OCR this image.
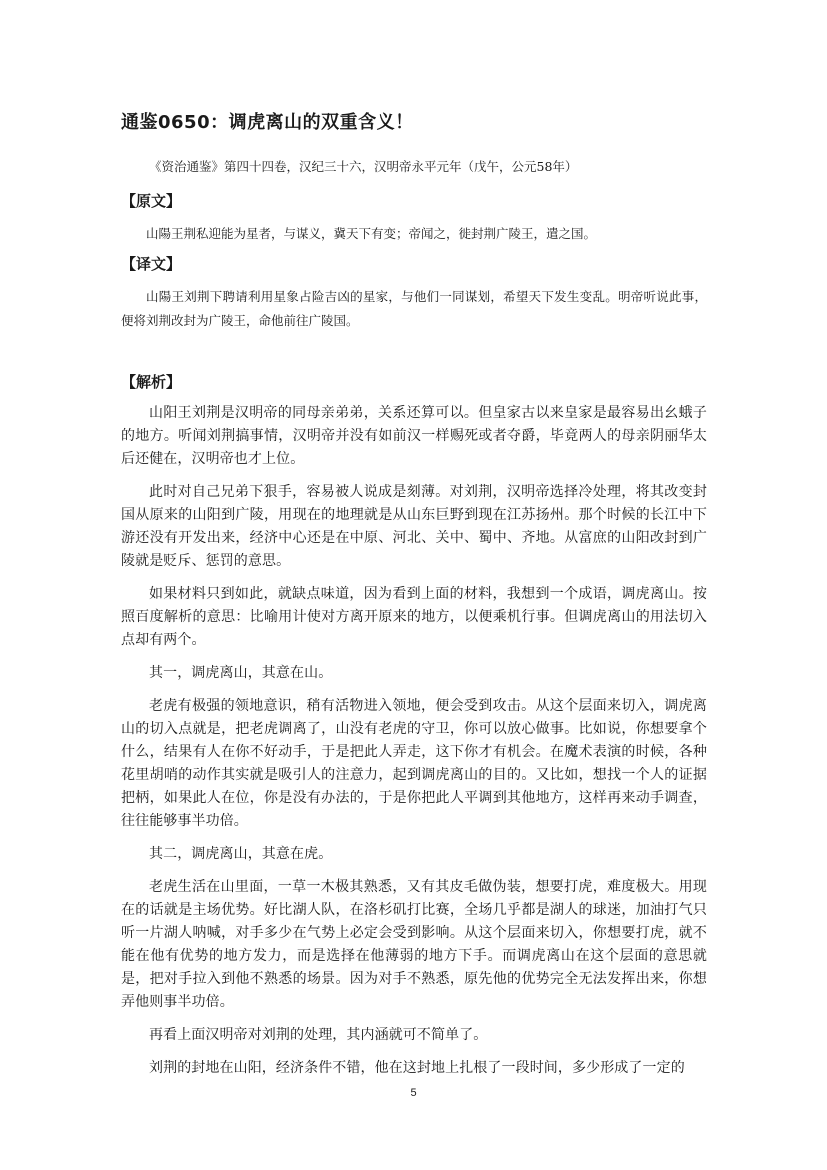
通鉴0650：调虎离山的双重含义！
《资治通鉴》第四十四卷，汉纪三十六，汉明帝永平元年（戊午，公元58年）
【原文】
山陽王荆私迎能为星者，与谋义，冀天下有变；帝闻之，徙封荆广陵王，遣之国。
【译文】
山陽王刘荆下聘请利用星象占险吉凶的星家，与他们一同谋划，希望天下发生变乱。明帝听说此事，便将刘荆改封为广陵王，命他前往广陵国。
【解析】

山阳王刘荆是汉明帝的同母亲弟弟，关系还算可以。但皇家古以来皇家是最容易出幺蛾子的地方。听闻刘荆搞事情，汉明帝并没有如前汉一样赐死或者夺爵，毕竟两人的母亲阴丽华太后还健在，汉明帝也才上位。

此时对自己兄弟下狠手，容易被人说成是刻薄。对刘荆，汉明帝选择冷处理，将其改变封国从原来的山阳到广陵，用现在的地理就是从山东巨野到现在江苏扬州。那个时候的长江中下游还没有开发出来，经济中心还是在中原、河北、关中、蜀中、齐地。从富庶的山阳改封到广陵就是贬斥、惩罚的意思。

如果材料只到如此，就缺点味道，因为看到上面的材料，我想到一个成语，调虎离山。按照百度解析的意思：比喻用计使对方离开原来的地方，以便乘机行事。但调虎离山的用法切入点却有两个。

其一，调虎离山，其意在山。

老虎有极强的领地意识，稍有活物进入领地，便会受到攻击。从这个层面来切入，调虎离山的切入点就是，把老虎调离了，山没有老虎的守卫，你可以放心做事。比如说，你想要拿个什么，结果有人在你不好动手，于是把此人弄走，这下你才有机会。在魔术表演的时候，各种花里胡哨的动作其实就是吸引人的注意力，起到调虎离山的目的。又比如，想找一个人的证据把柄，如果此人在位，你是没有办法的，于是你把此人平调到其他地方，这样再来动手调查，往往能够事半功倍。

其二，调虎离山，其意在虎。

老虎生活在山里面，一草一木极其熟悉，又有其皮毛做伪装，想要打虎，难度极大。用现在的话就是主场优势。好比湖人队，在洛杉矶打比赛，全场几乎都是湖人的球迷，加油打气只听一片湖人呐喊，对手多少在气势上必定会受到影响。从这个层面来切入，你想要打虎，就不能在他有优势的地方发力，而是选择在他薄弱的地方下手。而调虎离山在这个层面的意思就是，把对手拉入到他不熟悉的场景。因为对手不熟悉，原先他的优势完全无法发挥出来，你想弄他则事半功倍。

再看上面汉明帝对刘荆的处理，其内涵就可不简单了。

刘荆的封地在山阳，经济条件不错，他在这封地上扎根了一段时间，多少形成了一定的

5
